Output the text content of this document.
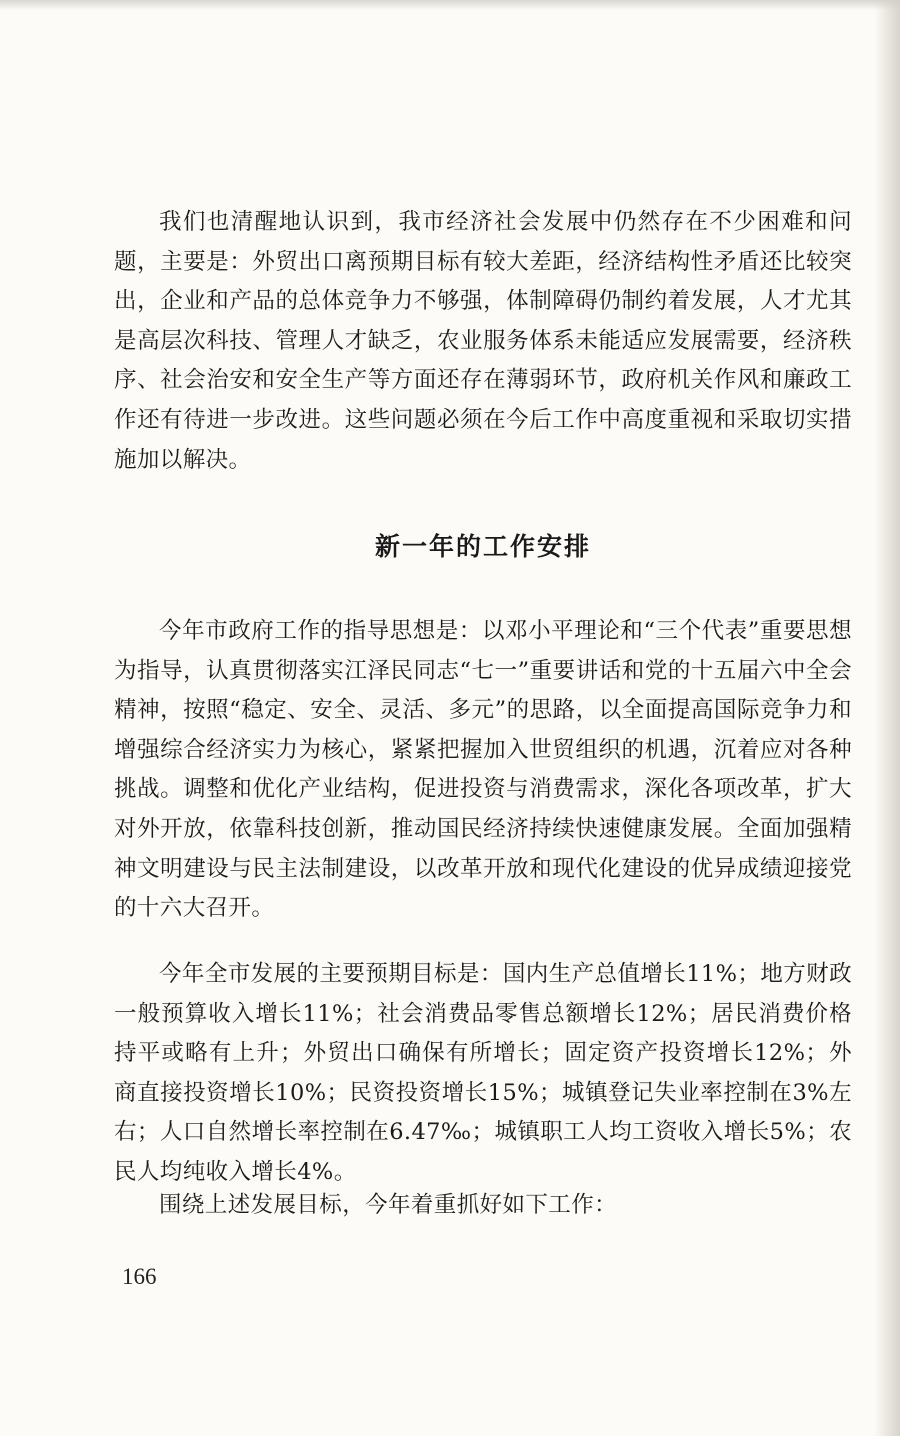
我们也清醒地认识到，我市经济社会发展中仍然存在不少困难和问题，主要是：外贸出口离预期目标有较大差距，经济结构性矛盾还比较突出，企业和产品的总体竞争力不够强，体制障碍仍制约着发展，人才尤其是高层次科技、管理人才缺乏，农业服务体系未能适应发展需要，经济秩序、社会治安和安全生产等方面还存在薄弱环节，政府机关作风和廉政工作还有待进一步改进。这些问题必须在今后工作中高度重视和采取切实措施加以解决。

新一年的工作安排

今年市政府工作的指导思想是：以邓小平理论和“三个代表”重要思想为指导，认真贯彻落实江泽民同志“七一”重要讲话和党的十五届六中全会精神，按照“稳定、安全、灵活、多元”的思路，以全面提高国际竞争力和增强综合经济实力为核心，紧紧把握加入世贸组织的机遇，沉着应对各种挑战。调整和优化产业结构，促进投资与消费需求，深化各项改革，扩大对外开放，依靠科技创新，推动国民经济持续快速健康发展。全面加强精神文明建设与民主法制建设，以改革开放和现代化建设的优异成绩迎接党的十六大召开。

今年全市发展的主要预期目标是：国内生产总值增长11%；地方财政一般预算收入增长11%；社会消费品零售总额增长12%；居民消费价格持平或略有上升；外贸出口确保有所增长；固定资产投资增长12%；外商直接投资增长10%；民资投资增长15%；城镇登记失业率控制在3%左右；人口自然增长率控制在6.47‰；城镇职工人均工资收入增长5%；农民人均纯收入增长4%。

围绕上述发展目标，今年着重抓好如下工作：

166
